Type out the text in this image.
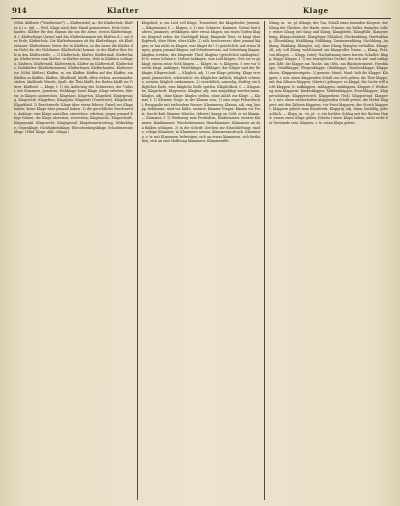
914	Klafter	Klage
(Mhd. klâftære (*Matthesius*) — Klafterwald, m.: für Klafterholz, Klafter n.) u. dgl. — Weil, Klage nach dem Maaß gemessenes, Holz-Oster, -haufen; Klafter für den Stamm die um die Arme, wovon Klafterlänge, d. i. Klafterlänge (Arme) und das Klafterkommen mit Klaften d. i. auf der Erde; Klafterholz, Die Klafterkommen ob die Klafterlänge, als Klafterhauer: Klafterhauer (einer der in Klaftern, so der Arme die Klafter den Holz) die der Holzhauer (Klafterholz) kommt, in der Klafter fürs Holz in den Klafterstöße. — 2) Klafterholz, Klafter. Klaftermaß, Klafterlänge, Klafterstein zum Klafter; in Klafter setzen, Holz in Klaftern schlagen, Klaftern. Klafterzahl, Klafterstück, Klafter im Klafterstoß, Klafterholz. Holzklafter (Klafterkommen). Klafterhauer, Klafterhaufen, Klafterweise. (Mhd. klâfter.) Klaffen, m. ein Klaffen: klaffen auf den Klaffen, ein Klaffen zu klaffen. Klaffen, (Klaffend), klafft, offen stehen, auseinander stehen, klaffende Wunde; Spalt: die Thür klafft; der Boden klafft vor Dürre; Klaffend. — Klage, f. 1) die Äußerung des Schmerzes, der Unlust, des Kummers, Jammern, Wehklage: laute Klage; Klage erheben, führen; in Klagen ausbrechen; Klagelaut, Klageton, Klagelied, Klagegesang, Klageweib, Klagefrau; Klagejahr, Klagezeit (Trauerzeit), Klagebrief, Klagekleid. 2) Beschwerde: Klage über etwas führen; Grund zur Klage haben; keine Klage über jemand haben. 3) die gerichtliche Beschwerde, Anklage: eine Klage anstellen, einreichen, erheben; gegen jemand Klage führen; die Klage abweisen, verwerfen; Klagesache, Klageschrift, Klagepunkt, Klagerecht, Klagegrund, Klagebeantwortung; Widerklage, Gegenklage, Nichtigkeitsklage, Ehescheidungsklage, Schadenersatzklage. (Mhd. klage, ahd. chlaga.)
Klagelied, n. ein Lied voll Klage, Trauerlied; die Klagelieder Jeremiä. — Klagemauer, f. — Klagen, v. 1) intr. Schmerz, Kummer, Unlust laut äußern, jammern, wehklagen: über etwas klagen; um einen Todten klagen; klagend rufen; die Nachtigall klagt; klagende Töne; er klagt über Kopfweh, über Hitze, über Kälte. 2) sich beschweren: über jemand klagen; er hat nicht zu klagen; was klagst du? 3) gerichtlich: auf etwas klagen, gegen jemand klagen; auf Schadenersatz, auf Scheidung klagen; klagbar werden; der klagende Theil; klagbar (gerichtlich einklagbar). 4) tr. einen Schmerz, Verlust beklagen: sein Leid klagen; Gott sei es geklagt; einem seine Noth klagen. — Kläger, m. -s, Klägerin, f. wer vor Gericht klagt, Ankläger; Widerkläger, Mitkläger; der Kläger und der Beklagte; Klägerschaft. — Kläglich, adj. 1) zur Klage gehörig, Klage erregend, jämmerlich, erbärmlich: ein kläglicher Anblick; kläglich schreien, weinen; kläglich umkommen. 2) verächtlich, armselig, dürftig: ein klägliches Ende, eine klägliche Rolle spielen. Kläglichkeit, f. — Klagsache, Klagschrift, Klagweise. Klagbar, adj. was eingeklagt werden kann. Klaglos, adj. ohne Klage: klaglos stellen, ohne Anlaß zur Klage. — Klamm, f. 1) Klemme, Enge: in der Klamm sein; 2) eine enge Felsschlucht, Bergspalte mit reißendem Wasser; Klammweg. Klamm, adj. eng, knapp, beklemmt; steif vor Kälte, erstarrt: klamme Finger; klamm vor Frost; feucht-kalt: klamme Wäsche; (übertr.) knapp an Geld: er ist klamm. — Klammer, f. 1) Werkzeug zum Festhalten, Einklemmen: eiserne Klammer, Bauklammer, Wäscheklammer, Haarklammer; Klammern an den Balken schlagen. 2) in der Schrift: Zeichen zur Einschließung: runde, eckige Klammer; in Klammern setzen; Klammerausdruck. Klammern, v. tr. mit Klammern befestigen; sich an etwas klammern, sich festhalten; sich an eine Hoffnung klammern; Klammeraffe.
Klang, m. -es, pl. Klänge, der Ton, Schall eines tönenden Körpers: der Klang der Glocken, der Harfe, einer Stimme; ein heller, dumpfer, voller, reiner Klang; mit Sang und Klang; Klangfarbe, Klangfülle, Klangwirkung, Klangschönheit, Klangfigur (Chladni); Glockenklang, Harfenklang, Gläserklang, Wohlklang, Mißklang, Zusammenklang, Nachklang, Anklang, Einklang. Klanglos, adj. ohne Klang; klanglos verhallen. Klangvoll, adj. voll Klang, wohltönend: ein klangvoller Name. — Klang, Prät. von klingen. — Klapp, Interj. Nachahmung eines kurzen Schalles: klapp, klapp! Klappe, f. 1) ein beweglicher Deckel, der sich auf- und zuklappen läßt: die Klappe am Tische, am Ofen, am Blasinstrument; Herzklappe, Ventilklappe, Fliegenklappe, Ofenklappe, Taschenklappe; Klappenhorn, Klappentrompete. 2) gemein: Mund, Maul: halt die Klappe! Klappen, v. intr. einen klappenden Schall von sich geben: die Thür klappt; mit den Zähnen klappen; (übertr.) gelingen: es klappt; die Sache will nicht klappen. tr. aufklappen, zuklappen, umklappen. Klapper, f. Werkzeug zum Klappern: Kinderklapper, Mühlenklapper, Storchklapper; Klapperschlange, Klapperstorch, Klapperbein (Tod), Klappertopf. Klappern, v. intr. einen wiederholten klappenden Schall geben: die Mühle klappert; mit den Zähnen klappern; vor Frost klappern; der Storch klappert; Klappern gehört zum Handwerk. Klapprig, adj. dünn, hinfällig, gebrechlich. — Klaps, m. -es, pl. -e, ein leichter Schlag mit der flachen Hand: einem einen Klaps geben; (übertr.) einen Klaps haben, nicht recht bei Verstande sein. Klapsen, v. tr. einen Klaps geben.
